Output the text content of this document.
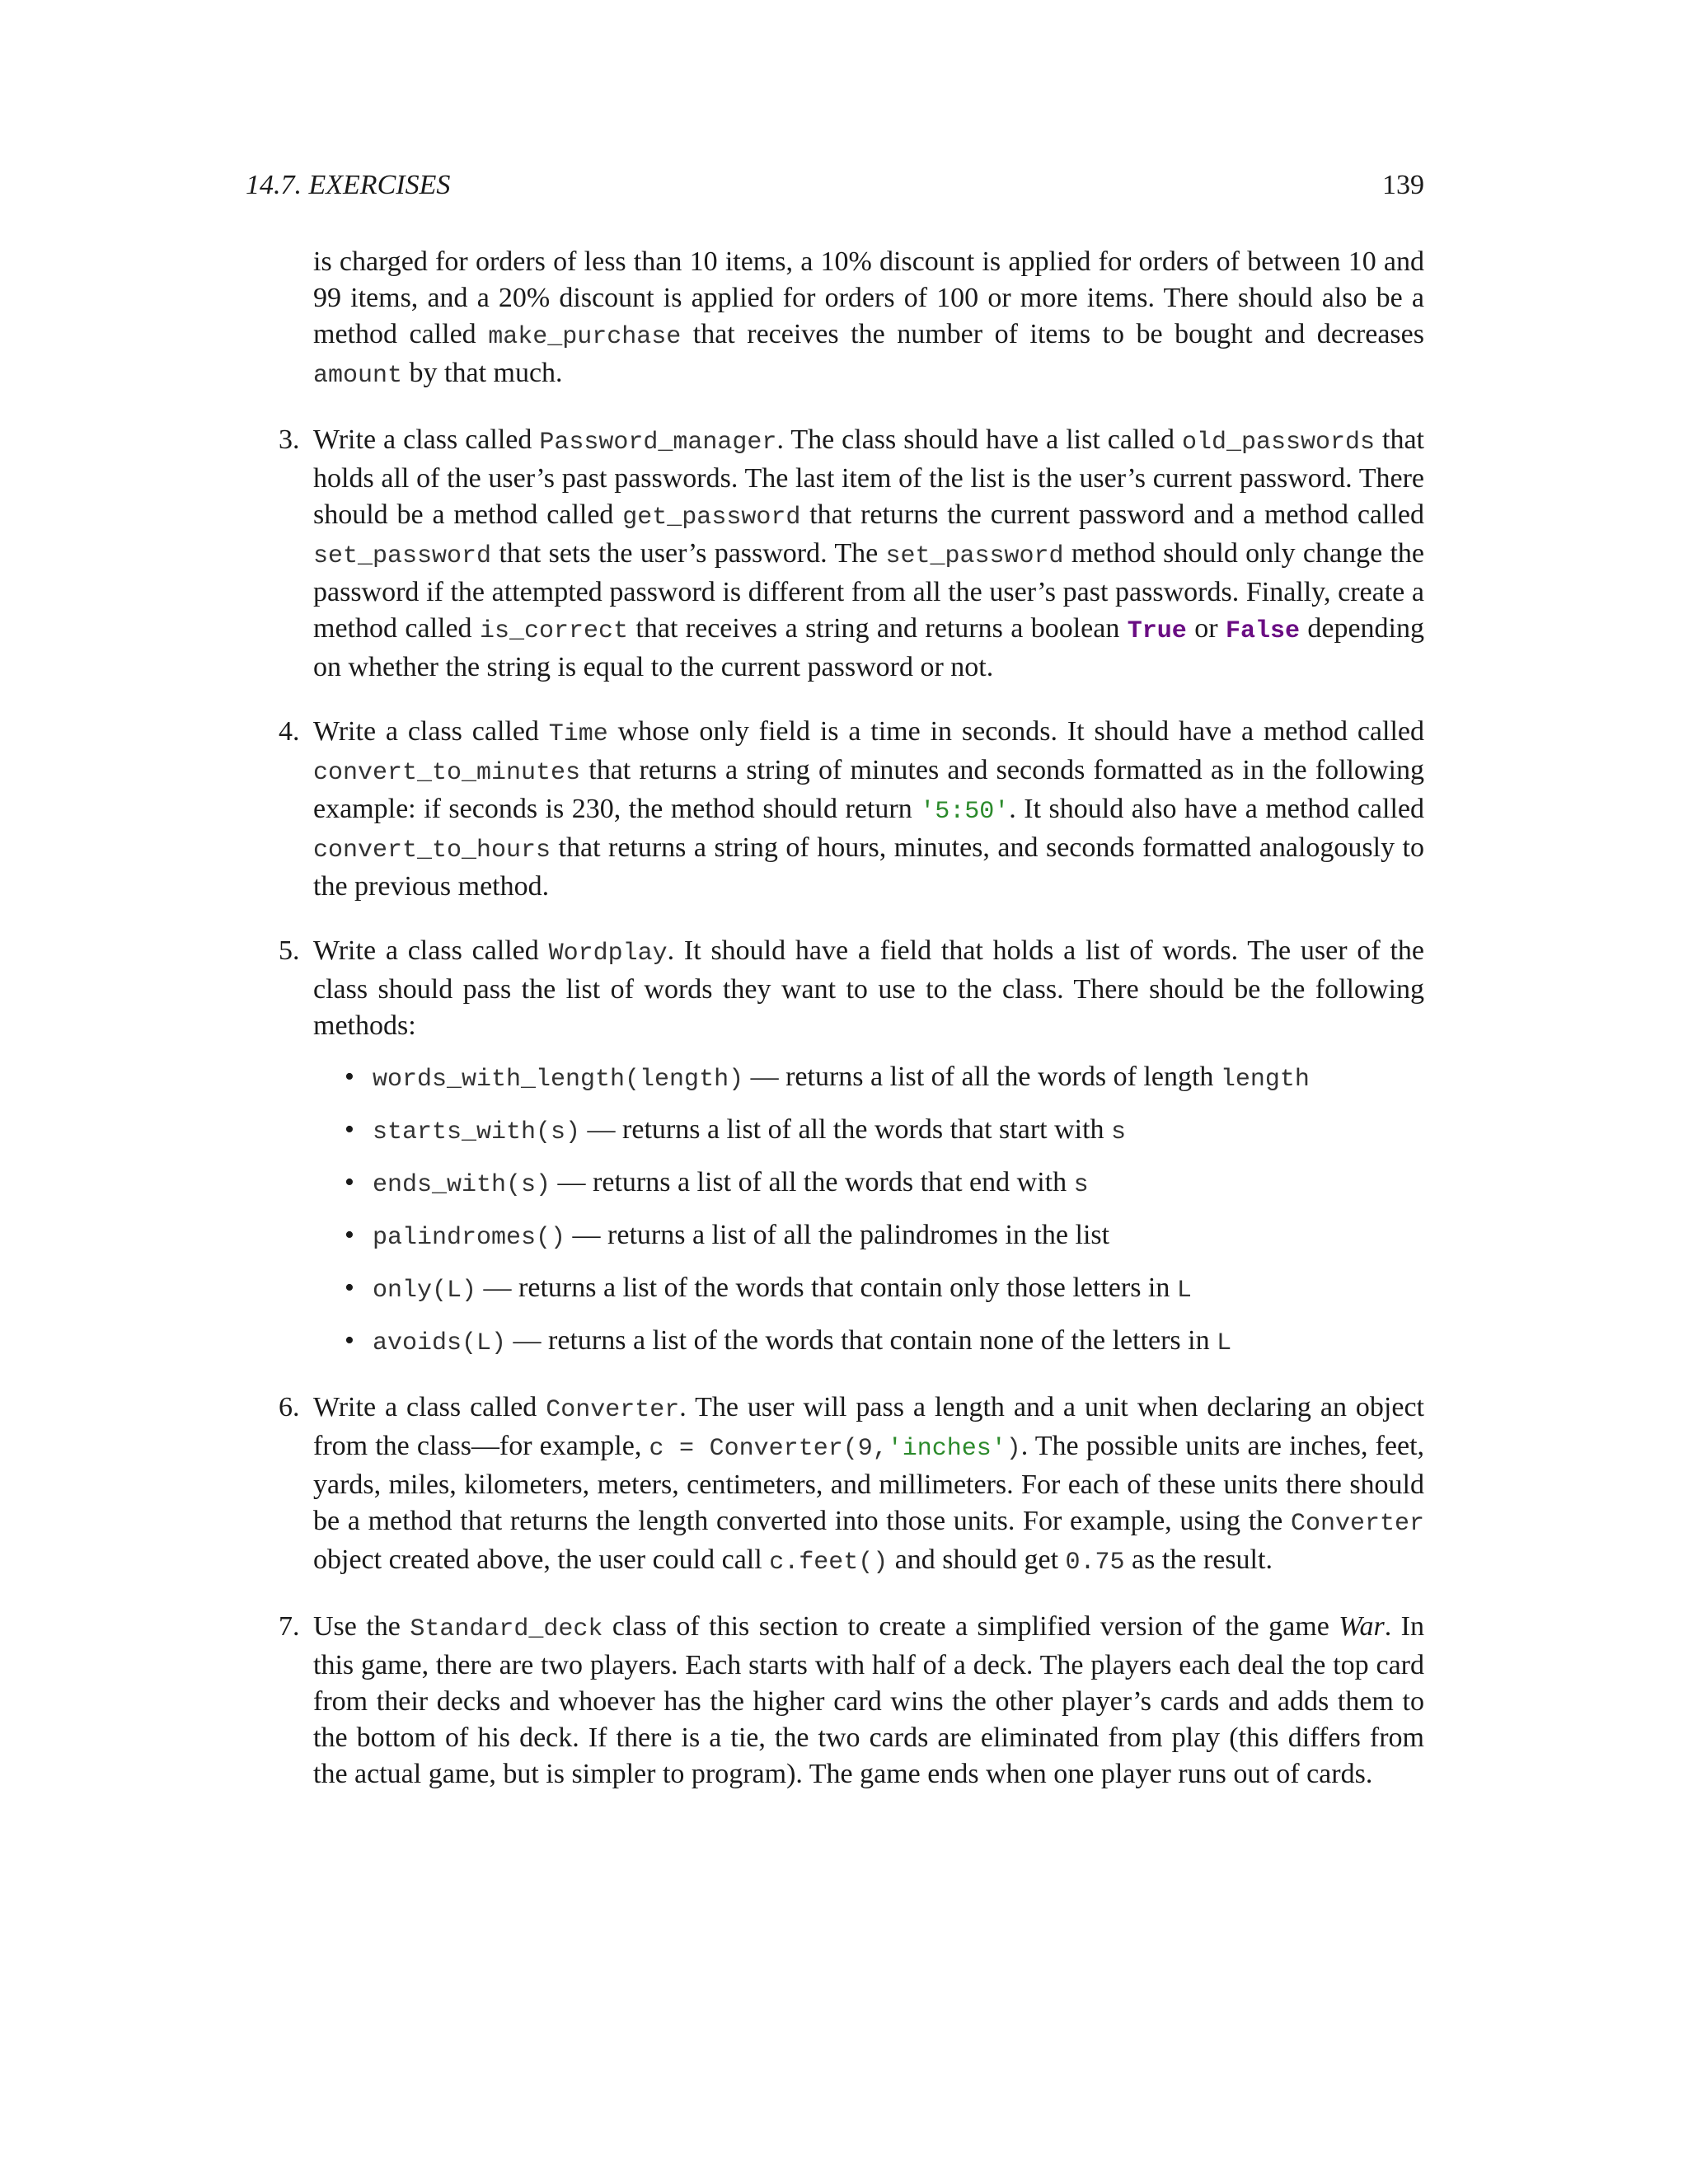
14.7. EXERCISES	139

is charged for orders of less than 10 items, a 10% discount is applied for orders of between 10 and 99 items, and a 20% discount is applied for orders of 100 or more items. There should also be a method called make_purchase that receives the number of items to be bought and decreases amount by that much.

3. Write a class called Password_manager. The class should have a list called old_passwords that holds all of the user’s past passwords. The last item of the list is the user’s current password. There should be a method called get_password that returns the current password and a method called set_password that sets the user’s password. The set_password method should only change the password if the attempted password is different from all the user’s past passwords. Finally, create a method called is_correct that receives a string and returns a boolean True or False depending on whether the string is equal to the current password or not.
4. Write a class called Time whose only field is a time in seconds. It should have a method called convert_to_minutes that returns a string of minutes and seconds formatted as in the following example: if seconds is 230, the method should return '5:50'. It should also have a method called convert_to_hours that returns a string of hours, minutes, and seconds formatted analogously to the previous method.
5. Write a class called Wordplay. It should have a field that holds a list of words. The user of the class should pass the list of words they want to use to the class. There should be the following methods:
• words_with_length(length) — returns a list of all the words of length length
• starts_with(s) — returns a list of all the words that start with s
• ends_with(s) — returns a list of all the words that end with s
• palindromes() — returns a list of all the palindromes in the list
• only(L) — returns a list of the words that contain only those letters in L
• avoids(L) — returns a list of the words that contain none of the letters in L
6. Write a class called Converter. The user will pass a length and a unit when declaring an object from the class—for example, c = Converter(9,'inches'). The possible units are inches, feet, yards, miles, kilometers, meters, centimeters, and millimeters. For each of these units there should be a method that returns the length converted into those units. For example, using the Converter object created above, the user could call c.feet() and should get 0.75 as the result.
7. Use the Standard_deck class of this section to create a simplified version of the game War. In this game, there are two players. Each starts with half of a deck. The players each deal the top card from their decks and whoever has the higher card wins the other player’s cards and adds them to the bottom of his deck. If there is a tie, the two cards are eliminated from play (this differs from the actual game, but is simpler to program). The game ends when one player runs out of cards.
